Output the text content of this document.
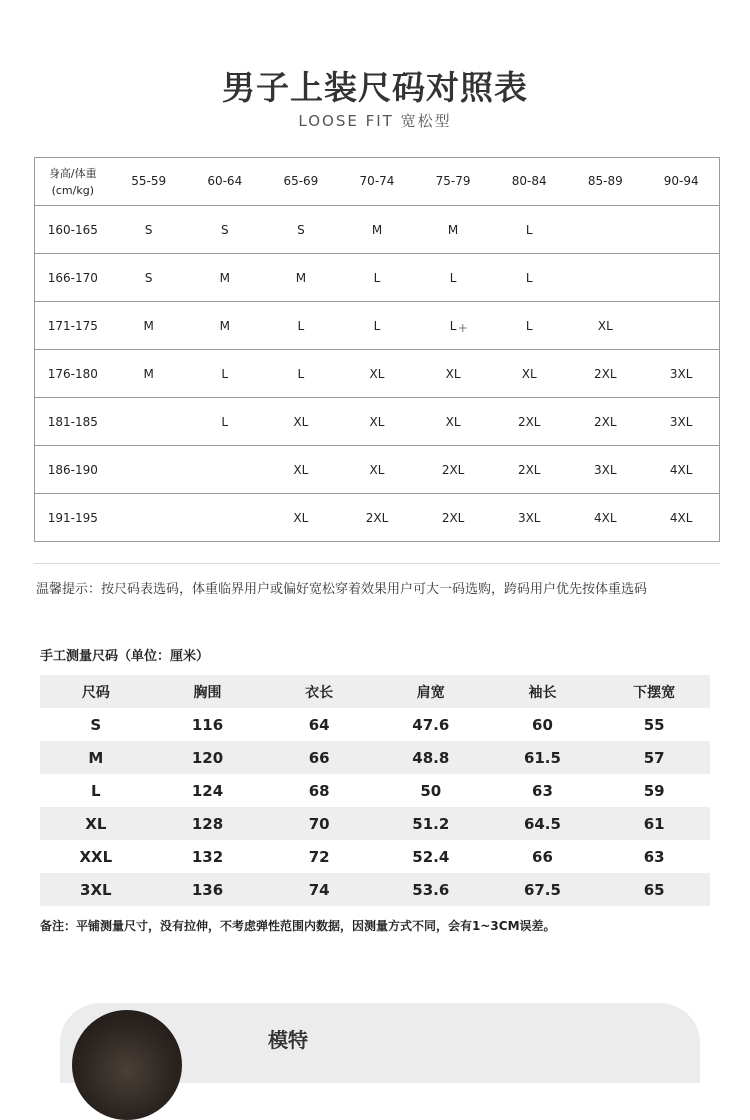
男子上装尺码对照表
LOOSE FIT 宽松型
身高/体重
(cm/kg)	55-59	60-64	65-69	70-74	75-79	80-84	85-89	90-94
160-165	S	S	S	M	M	L		
166-170	S	M	M	L	L	L		
171-175	M	M	L	L	L +	L	XL	
176-180	M	L	L	XL	XL	XL	2XL	3XL
181-185		L	XL	XL	XL	2XL	2XL	3XL
186-190			XL	XL	2XL	2XL	3XL	4XL
191-195			XL	2XL	2XL	3XL	4XL	4XL
温馨提示：按尺码表选码，体重临界用户或偏好宽松穿着效果用户可大一码选购，跨码用户优先按体重选码
手工测量尺码（单位：厘米）
尺码	胸围	衣长	肩宽	袖长	下摆宽
S	116	64	47.6	60	55
M	120	66	48.8	61.5	57
L	124	68	50	63	59
XL	128	70	51.2	64.5	61
XXL	132	72	52.4	66	63
3XL	136	74	53.6	67.5	65
备注：平铺测量尺寸，没有拉伸，不考虑弹性范围内数据，因测量方式不同，会有1~3CM误差。
模特
